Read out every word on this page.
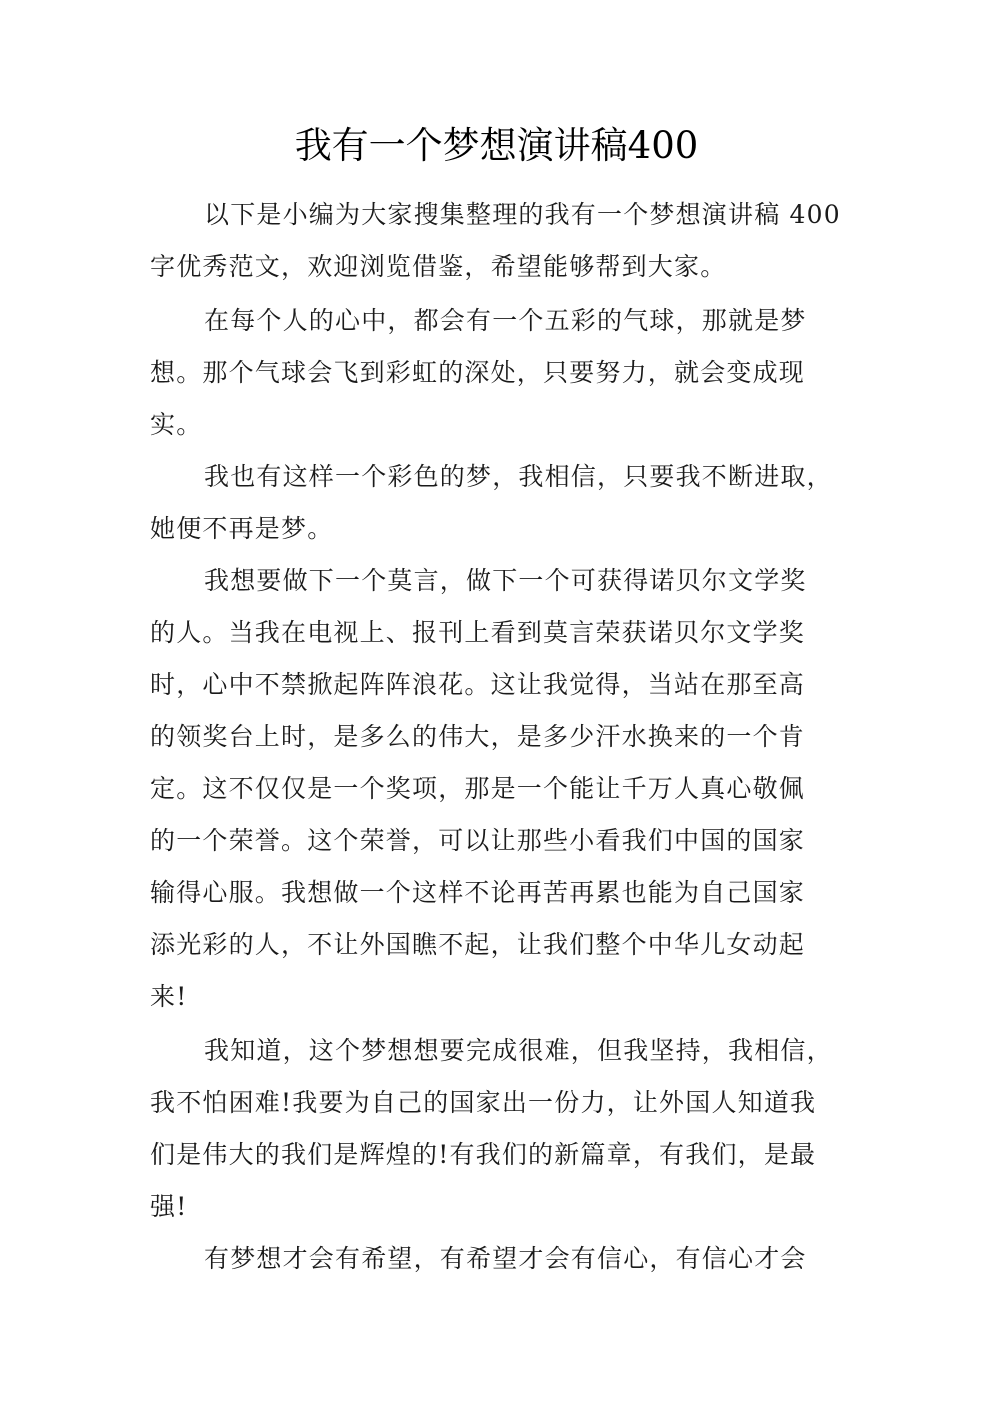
我有一个梦想演讲稿400
以下是小编为大家搜集整理的我有一个梦想演讲稿 400
字优秀范文，欢迎浏览借鉴，希望能够帮到大家。
在每个人的心中，都会有一个五彩的气球，那就是梦
想。那个气球会飞到彩虹的深处，只要努力，就会变成现
实。
我也有这样一个彩色的梦，我相信，只要我不断进取，
她便不再是梦。
我想要做下一个莫言，做下一个可获得诺贝尔文学奖
的人。当我在电视上、报刊上看到莫言荣获诺贝尔文学奖
时，心中不禁掀起阵阵浪花。这让我觉得，当站在那至高
的领奖台上时，是多么的伟大，是多少汗水换来的一个肯
定。这不仅仅是一个奖项，那是一个能让千万人真心敬佩
的一个荣誉。这个荣誉，可以让那些小看我们中国的国家
输得心服。我想做一个这样不论再苦再累也能为自己国家
添光彩的人，不让外国瞧不起，让我们整个中华儿女动起
来!
我知道，这个梦想想要完成很难，但我坚持，我相信，
我不怕困难!我要为自己的国家出一份力，让外国人知道我
们是伟大的我们是辉煌的!有我们的新篇章，有我们，是最
强!
有梦想才会有希望，有希望才会有信心，有信心才会
